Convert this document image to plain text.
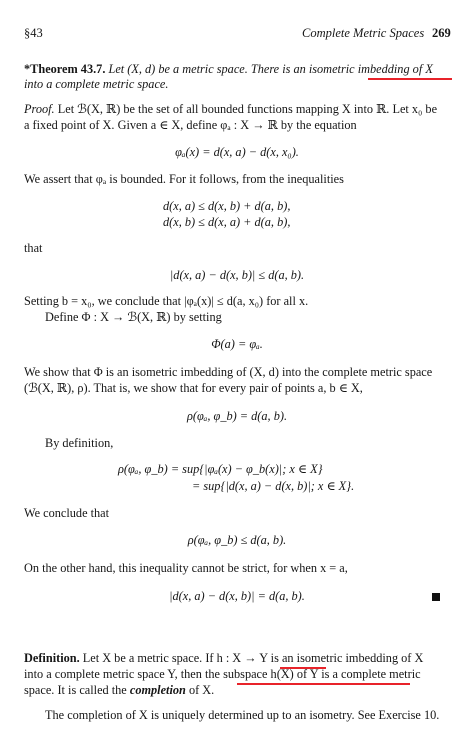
§43	Complete Metric Spaces 269
*Theorem 43.7. Let (X, d) be a metric space. There is an isometric imbedding of X
into a complete metric space.
Proof. Let ℬ(X, ℝ) be the set of all bounded functions mapping X into ℝ. Let x₀ be
a fixed point of X. Given a ∈ X, define φₐ : X → ℝ by the equation
φₐ(x) = d(x, a) − d(x, x₀).
We assert that φₐ is bounded. For it follows, from the inequalities
d(x, a) ≤ d(x, b) + d(a, b),
d(x, b) ≤ d(x, a) + d(a, b),
that
|d(x, a) − d(x, b)| ≤ d(a, b).
Setting b = x₀, we conclude that |φₐ(x)| ≤ d(a, x₀) for all x.
Define Φ : X → ℬ(X, ℝ) by setting
Φ(a) = φₐ.
We show that Φ is an isometric imbedding of (X, d) into the complete metric space
(ℬ(X, ℝ), ρ). That is, we show that for every pair of points a, b ∈ X,
ρ(φₐ, φ_b) = d(a, b).
By definition,
ρ(φₐ, φ_b) = sup{|φₐ(x) − φ_b(x)|; x ∈ X}
= sup{|d(x, a) − d(x, b)|; x ∈ X}.
We conclude that
ρ(φₐ, φ_b) ≤ d(a, b).
On the other hand, this inequality cannot be strict, for when x = a,
|d(x, a) − d(x, b)| = d(a, b).
Definition. Let X be a metric space. If h : X → Y is an isometric imbedding of X
into a complete metric space Y, then the subspace h(X) of Y is a complete metric
space. It is called the completion of X.
The completion of X is uniquely determined up to an isometry. See Exercise 10.
